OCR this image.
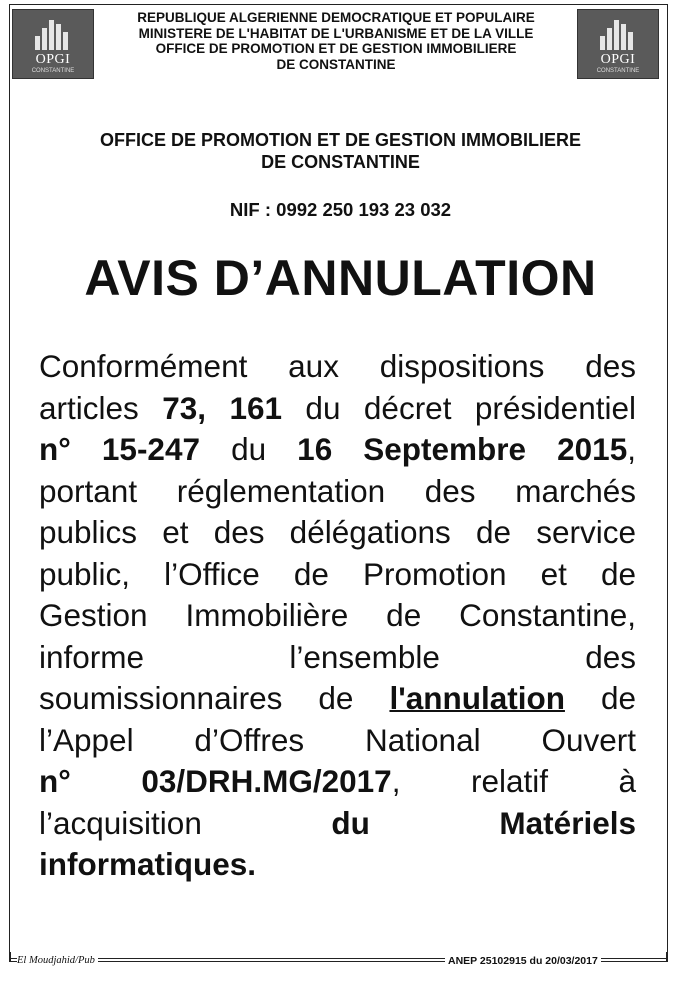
OPGI
CONSTANTINE
OPGI
CONSTANTINE
REPUBLIQUE ALGERIENNE DEMOCRATIQUE ET POPULAIRE
MINISTERE DE L'HABITAT DE L'URBANISME ET DE LA VILLE
OFFICE DE PROMOTION ET DE GESTION IMMOBILIERE
DE CONSTANTINE
OFFICE DE PROMOTION ET DE GESTION IMMOBILIERE
DE CONSTANTINE
NIF : 0992 250 193 23 032
AVIS D’ANNULATION
Conformément aux dispositions des
articles 73, 161 du décret présidentiel
n° 15-247 du 16 Septembre 2015,
portant réglementation des marchés
publics et des délégations de service
public, l’Office de Promotion et de
Gestion Immobilière de Constantine,
informe l’ensemble des
soumissionnaires de l'annulation de
l’Appel d’Offres National Ouvert
n° 03/DRH.MG/2017, relatif à
l’acquisition du Matériels
informatiques.
El Moudjahid/Pub	ANEP 25102915 du 20/03/2017
